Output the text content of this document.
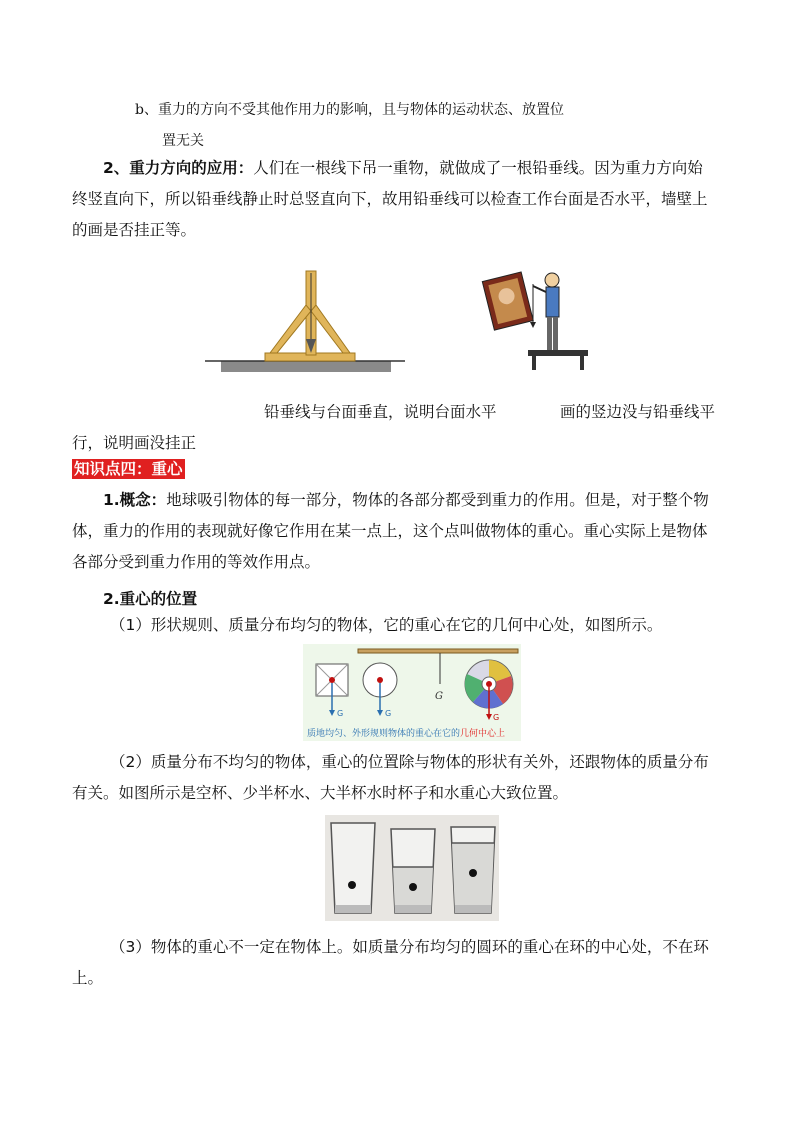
b、重力的方向不受其他作用力的影响，且与物体的运动状态、放置位
置无关
2、重力方向的应用：人们在一根线下吊一重物，就做成了一根铅垂线。因为重力方向始
终竖直向下，所以铅垂线静止时总竖直向下，故用铅垂线可以检查工作台面是否水平，墙壁上
的画是否挂正等。
铅垂线与台面垂直，说明台面水平	画的竖边没与铅垂线平
行，说明画没挂正
知识点四：重心
1.概念：地球吸引物体的每一部分，物体的各部分都受到重力的作用。但是，对于整个物
体，重力的作用的表现就好像它作用在某一点上，这个点叫做物体的重心。重心实际上是物体
各部分受到重力作用的等效作用点。
2.重心的位置
（1）形状规则、质量分布均匀的物体，它的重心在它的几何中心处，如图所示。
G	G
G
G
质地均匀、外形规则物体的重心在它的几何中心上
（2）质量分布不均匀的物体，重心的位置除与物体的形状有关外，还跟物体的质量分布
有关。如图所示是空杯、少半杯水、大半杯水时杯子和水重心大致位置。
（3）物体的重心不一定在物体上。如质量分布均匀的圆环的重心在环的中心处，不在环
上。
